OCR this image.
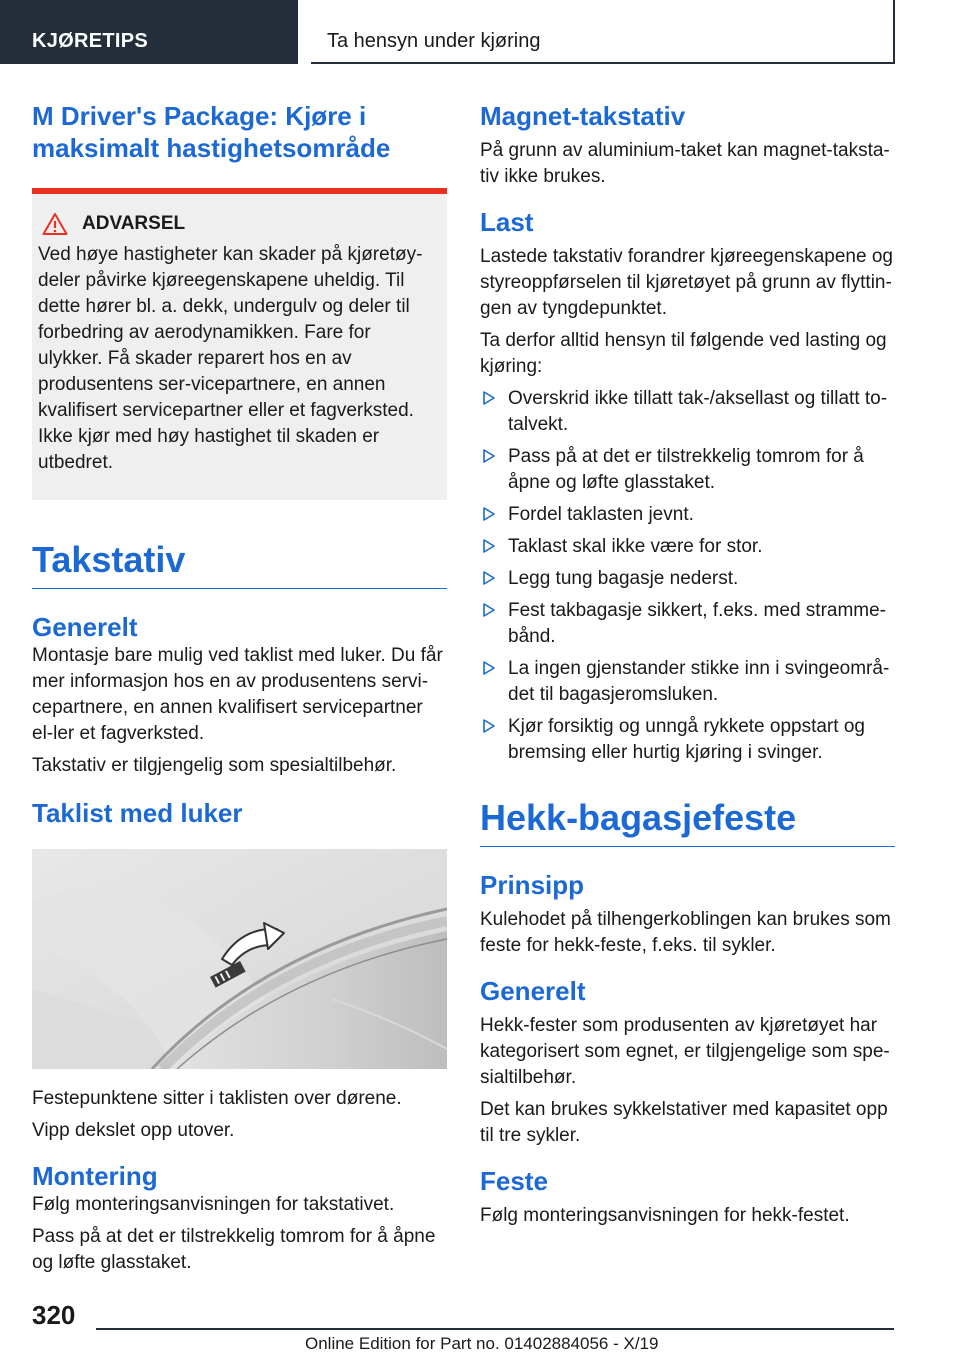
KJØRETIPS	Ta hensyn under kjøring
M Driver's Package: Kjøre i maksimalt hastighetsområde
ADVARSEL

Ved høye hastigheter kan skader på kjøretøy-deler påvirke kjøreegenskapene uheldig. Til dette hører bl. a. dekk, undergulv og deler til forbedring av aerodynamikken. Fare for ulykker. Få skader reparert hos en av produsentens ser-vicepartnere, en annen kvalifisert servicepartner eller et fagverksted. Ikke kjør med høy hastighet til skaden er utbedret.

Takstativ
Generelt

Montasje bare mulig ved taklist med luker. Du får mer informasjon hos en av produsentens servi-cepartnere, en annen kvalifisert servicepartner el-ler et fagverksted.

Takstativ er tilgjengelig som spesialtilbehør.

Taklist med luker

Festepunktene sitter i taklisten over dørene.

Vipp dekslet opp utover.

Montering

Følg monteringsanvisningen for takstativet.

Pass på at det er tilstrekkelig tomrom for å åpne og løfte glasstaket.

Magnet-takstativ

På grunn av aluminium-taket kan magnet-taksta-tiv ikke brukes.

Last

Lastede takstativ forandrer kjøreegenskapene og styreoppførselen til kjøretøyet på grunn av flyttin-gen av tyngdepunktet.

Ta derfor alltid hensyn til følgende ved lasting og kjøring:

Overskrid ikke tillatt tak-/aksellast og tillatt to-talvekt.
Pass på at det er tilstrekkelig tomrom for å åpne og løfte glasstaket.
Fordel taklasten jevnt.
Taklast skal ikke være for stor.
Legg tung bagasje nederst.
Fest takbagasje sikkert, f.eks. med stramme-bånd.
La ingen gjenstander stikke inn i svingeområ-det til bagasjeromsluken.
Kjør forsiktig og unngå rykkete oppstart og bremsing eller hurtig kjøring i svinger.
Hekk-bagasjefeste
Prinsipp

Kulehodet på tilhengerkoblingen kan brukes som feste for hekk-feste, f.eks. til sykler.

Generelt

Hekk-fester som produsenten av kjøretøyet har kategorisert som egnet, er tilgjengelige som spe-sialtilbehør.

Det kan brukes sykkelstativer med kapasitet opp til tre sykler.

Feste

Følg monteringsanvisningen for hekk-festet.

320
Online Edition for Part no. 01402884056 - X/19
